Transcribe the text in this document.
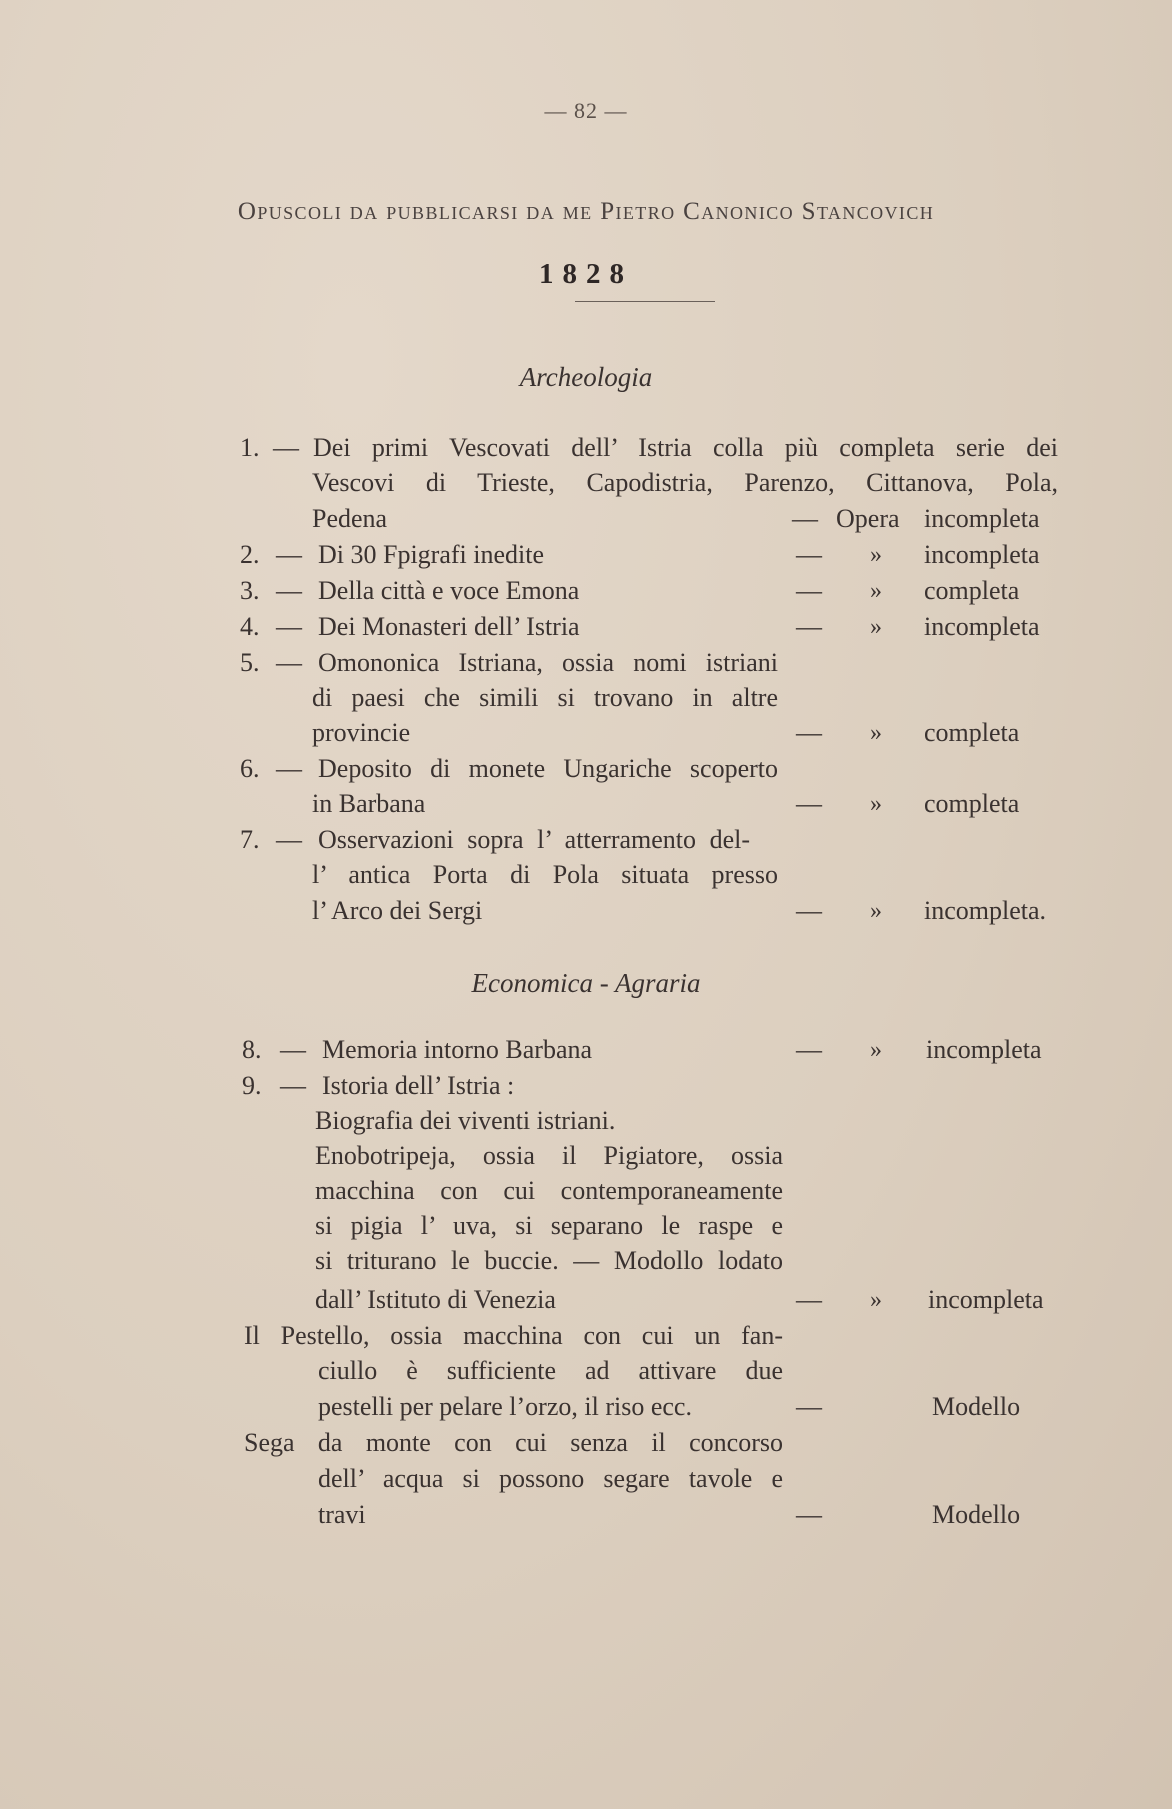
— 82 —
Opuscoli da pubblicarsi da me Pietro Canonico Stancovich
1828
Archeologia
1. — Dei primi Vescovati dell’ Istria colla più completa serie dei
Vescovi di Trieste, Capodistria, Parenzo, Cittanova, Pola,
Pedena	— Opera incompleta
2. — Di 30 Fpigrafi inedite	— » incompleta
3. — Della città e voce Emona	— » completa
4. — Dei Monasteri dell’ Istria	— » incompleta
5. — Omononica Istriana, ossia nomi istriani
di paesi che simili si trovano in altre
provincie	— » completa
6. — Deposito di monete Ungariche scoperto
in Barbana	— » completa
7. — Osservazioni sopra l’ atterramento del-
l’ antica Porta di Pola situata presso
l’ Arco dei Sergi	— » incompleta.
Economica - Agraria
8. — Memoria intorno Barbana	— » incompleta
9. — Istoria dell’ Istria :
Biografia dei viventi istriani.
Enobotripeja, ossia il Pigiatore, ossia
macchina con cui contemporaneamente
si pigia l’ uva, si separano le raspe e
si triturano le buccie. — Modollo lodato
dall’ Istituto di Venezia	— » incompleta
Il Pestello, ossia macchina con cui un fan-
ciullo è sufficiente ad attivare due
pestelli per pelare l’orzo, il riso ecc.	—	Modello
Sega da monte con cui senza il concorso
dell’ acqua si possono segare tavole e
travi	—	Modello
